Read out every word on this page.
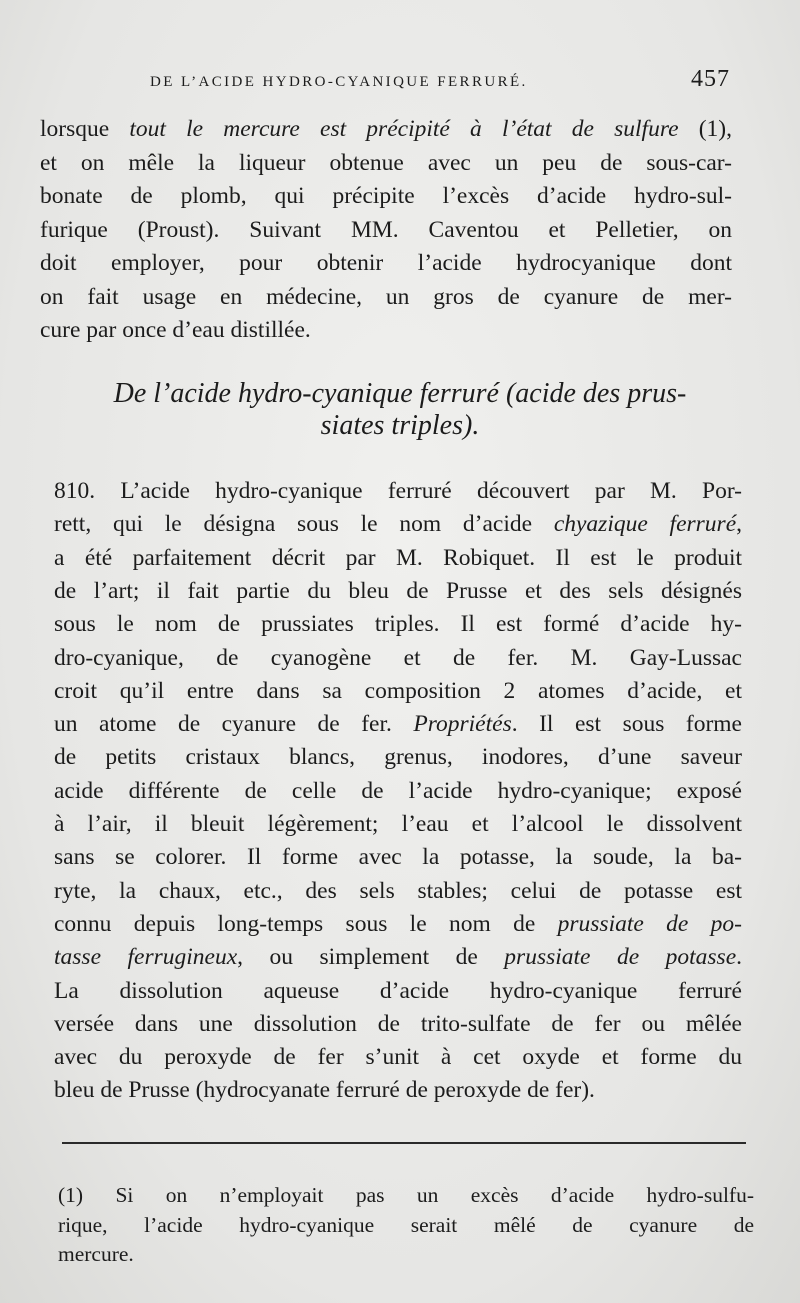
DE L’ACIDE HYDRO-CYANIQUE FERRURÉ.	457
lorsque tout le mercure est précipité à l’état de sulfure (1),
et on mêle la liqueur obtenue avec un peu de sous-car-
bonate de plomb, qui précipite l’excès d’acide hydro-sul-
furique (Proust). Suivant MM. Caventou et Pelletier, on
doit employer, pour obtenir l’acide hydrocyanique dont
on fait usage en médecine, un gros de cyanure de mer-
cure par once d’eau distillée.
De l’acide hydro-cyanique ferruré (acide des prus-
siates triples).
810. L’acide hydro-cyanique ferruré découvert par M. Por-
rett, qui le désigna sous le nom d’acide chyazique ferruré,
a été parfaitement décrit par M. Robiquet. Il est le produit
de l’art; il fait partie du bleu de Prusse et des sels désignés
sous le nom de prussiates triples. Il est formé d’acide hy-
dro-cyanique, de cyanogène et de fer. M. Gay-Lussac
croit qu’il entre dans sa composition 2 atomes d’acide, et
un atome de cyanure de fer. Propriétés. Il est sous forme
de petits cristaux blancs, grenus, inodores, d’une saveur
acide différente de celle de l’acide hydro-cyanique; exposé
à l’air, il bleuit légèrement; l’eau et l’alcool le dissolvent
sans se colorer. Il forme avec la potasse, la soude, la ba-
ryte, la chaux, etc., des sels stables; celui de potasse est
connu depuis long-temps sous le nom de prussiate de po-
tasse ferrugineux, ou simplement de prussiate de potasse.
La dissolution aqueuse d’acide hydro-cyanique ferruré
versée dans une dissolution de trito-sulfate de fer ou mêlée
avec du peroxyde de fer s’unit à cet oxyde et forme du
bleu de Prusse (hydrocyanate ferruré de peroxyde de fer).
(1) Si on n’employait pas un excès d’acide hydro-sulfu-
rique, l’acide hydro-cyanique serait mêlé de cyanure de
mercure.
